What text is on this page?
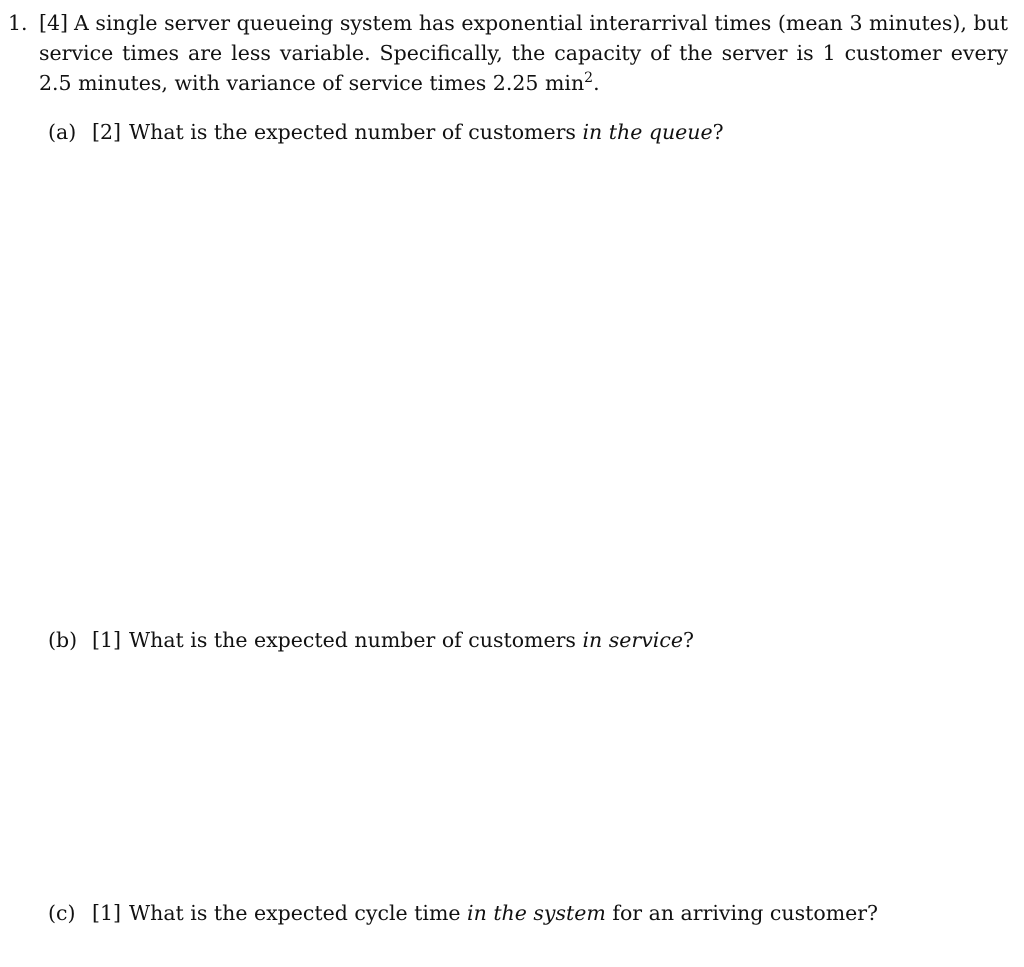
1. [4] A single server queueing system has exponential interarrival times (mean 3 minutes), but service times are less variable. Specifically, the capacity of the server is 1 customer every 2.5 minutes, with variance of service times 2.25 $\min^2$.
(a) [2] What is the expected number of customers in the queue?
(b) [1] What is the expected number of customers in service?
(c) [1] What is the expected cycle time in the system for an arriving customer?
